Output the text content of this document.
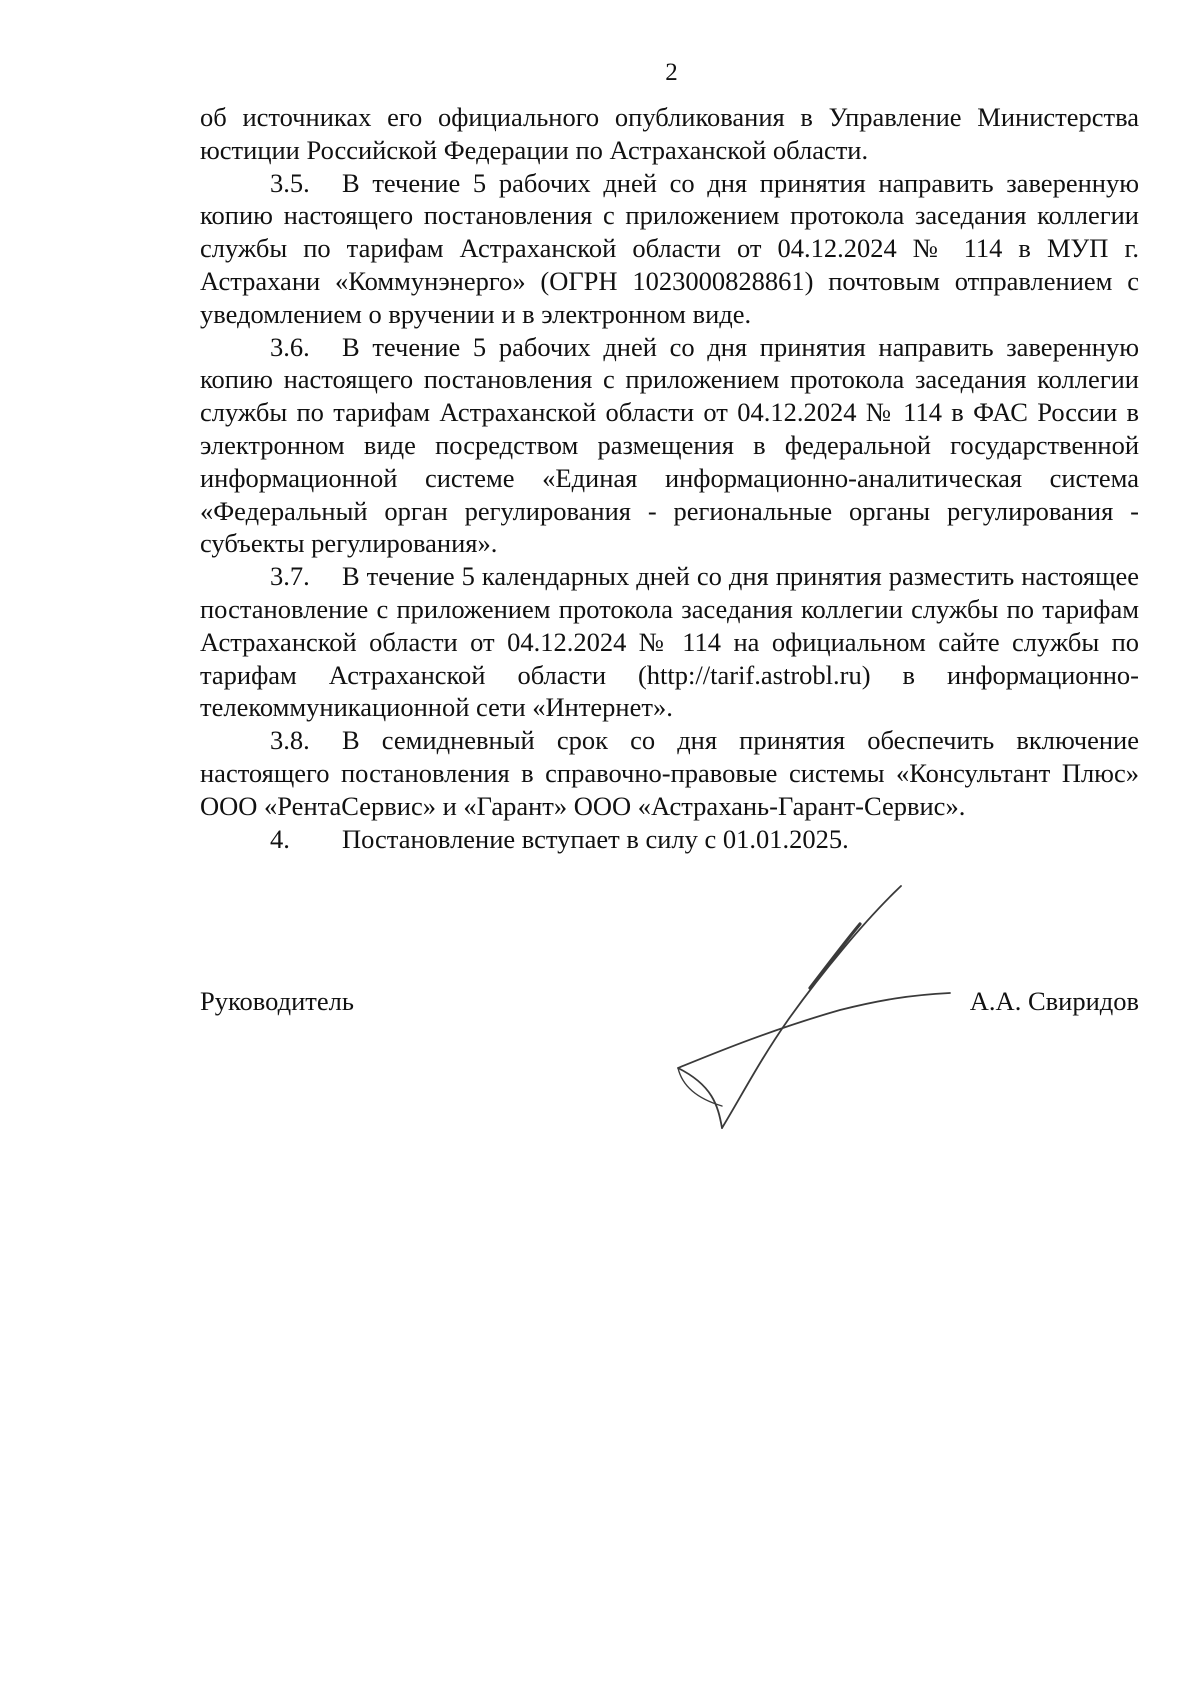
2

об источниках его официального опубликования в Управление Министерства юстиции Российской Федерации по Астраханской области.

3.5. В течение 5 рабочих дней со дня принятия направить заверенную копию настоящего постановления с приложением протокола заседания коллегии службы по тарифам Астраханской области от 04.12.2024 № 114 в МУП г. Астрахани «Коммунэнерго» (ОГРН 1023000828861) почтовым отправлением с уведомлением о вручении и в электронном виде.

3.6. В течение 5 рабочих дней со дня принятия направить заверенную копию настоящего постановления с приложением протокола заседания коллегии службы по тарифам Астраханской области от 04.12.2024 № 114 в ФАС России в электронном виде посредством размещения в федеральной государственной информационной системе «Единая информационно-аналитическая система «Федеральный орган регулирования - региональные органы регулирования - субъекты регулирования».

3.7. В течение 5 календарных дней со дня принятия разместить настоящее постановление с приложением протокола заседания коллегии службы по тарифам Астраханской области от 04.12.2024 № 114 на официальном сайте службы по тарифам Астраханской области (http://tarif.astrobl.ru) в информационно-телекоммуникационной сети «Интернет».

3.8. В семидневный срок со дня принятия обеспечить включение настоящего постановления в справочно-правовые системы «Консультант Плюс» ООО «РентаСервис» и «Гарант» ООО «Астрахань-Гарант-Сервис».

4. Постановление вступает в силу с 01.01.2025.

Руководитель	А.А. Свиридов
